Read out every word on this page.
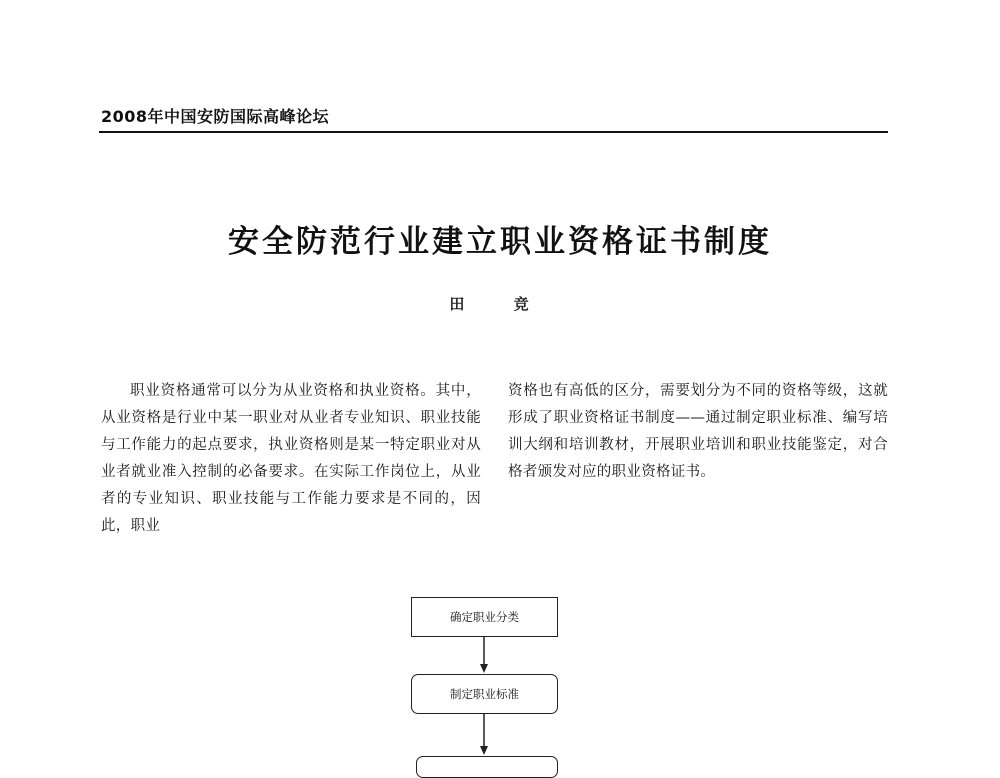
2008年中国安防国际高峰论坛
安全防范行业建立职业资格证书制度
田 竞

职业资格通常可以分为从业资格和执业资格。其中，从业资格是行业中某一职业对从业者专业知识、职业技能与工作能力的起点要求，执业资格则是某一特定职业对从业者就业准入控制的必备要求。在实际工作岗位上，从业者的专业知识、职业技能与工作能力要求是不同的，因此，职业

资格也有高低的区分，需要划分为不同的资格等级，这就形成了职业资格证书制度——通过制定职业标准、编写培训大纲和培训教材，开展职业培训和职业技能鉴定，对合格者颁发对应的职业资格证书。

确定职业分类
制定职业标准
